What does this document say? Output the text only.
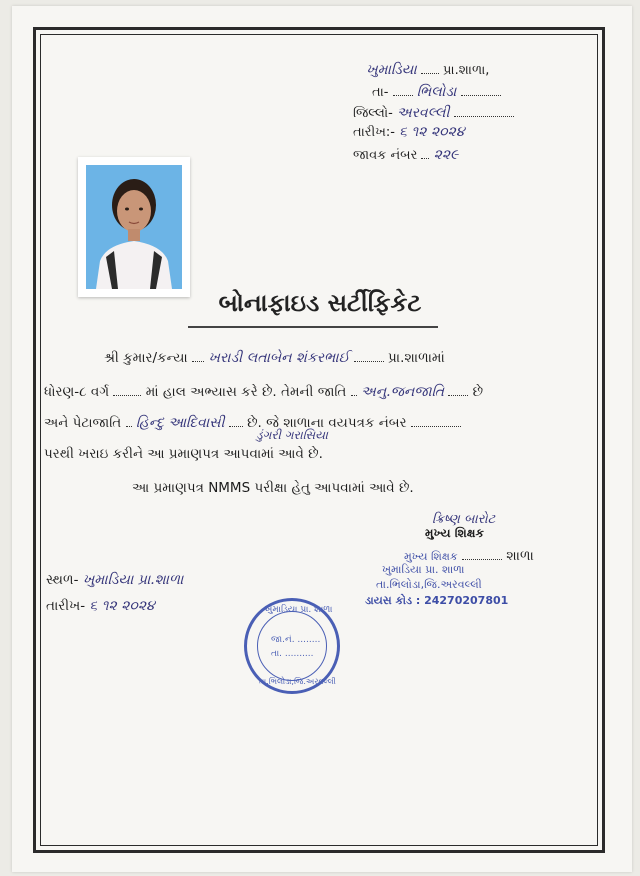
ખુમાડિયા પ્રા.શાળા,
તા- ભિલોડા
જિલ્લો- અરવલ્લી
તારીખ:- ૬ ૧૨ ૨૦૨૪
જાવક નંબર ૨૨૯
બોનાફાઇડ સર્ટીફિકેટ
શ્રી કુમાર/કન્યા ખરાડી લતાબેન શંકરભાઈ	પ્રા.શાળામાં
ધોરણ-૮ વર્ગ	માં હાલ અભ્યાસ કરે છે. તેમની જાતિ અનુ.જનજાતિ છે
ડુંગરી ગરાસિયા
અને પેટાજાતિ હિન્દુ આદિવાસી છે. જે શાળાના વયપત્રક નંબર
પરથી ખરાઇ કરીને આ પ્રમાણપત્ર આપવામાં આવે છે.
આ પ્રમાણપત્ર NMMS પરીક્ષા હેતુ આપવામાં આવે છે.
ક્રિષ્ણ બારોટ
મુખ્ય શિક્ષક
મુખ્ય શિક્ષક	શાળા
ખુમાડિયા પ્રા. શાળા
તા.ભિલોડા,જિ.અરવલ્લી
ડાયસ કોડ : 24270207801
સ્થળ- ખુમાડિયા પ્રા.શાળા
તારીખ- ૬ ૧૨ ૨૦૨૪	ખુમાડિયા પ્રા. શાળા
જા.નં. ........
તા. ..........
તા.ભિલોડા,જિ.અરવલ્લી
